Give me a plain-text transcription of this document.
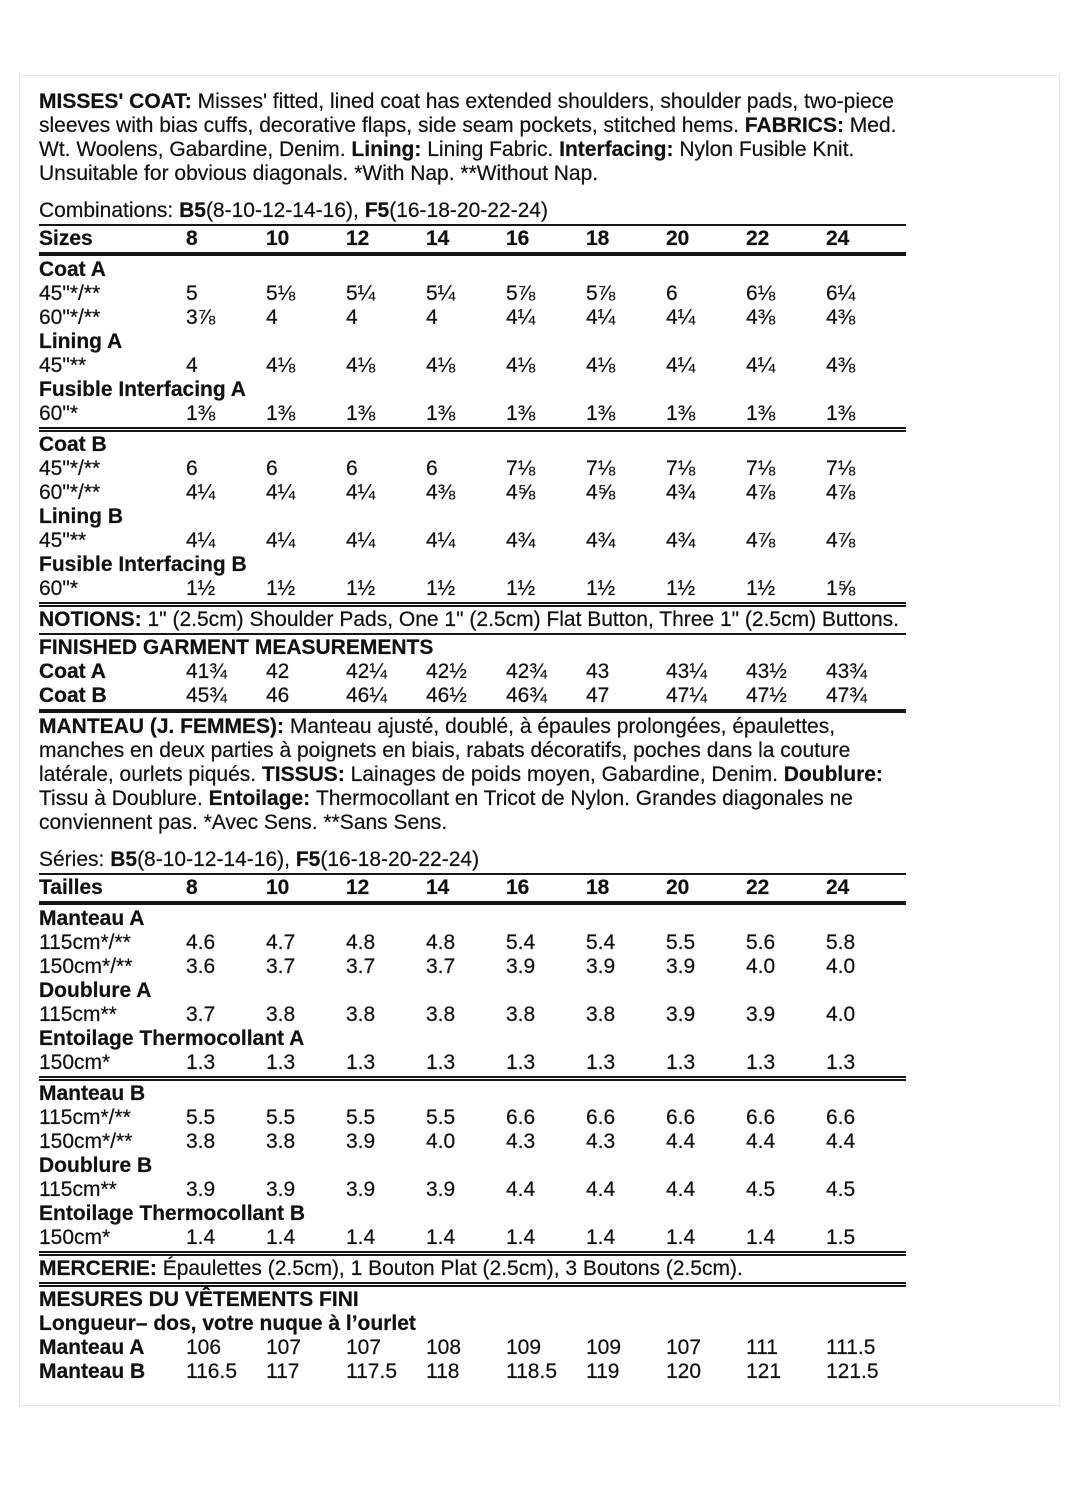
MISSES' COAT: Misses' fitted, lined coat has extended shoulders, shoulder pads, two-piece sleeves with bias cuffs, decorative flaps, side seam pockets, stitched hems. FABRICS: Med. Wt. Woolens, Gabardine, Denim. Lining: Lining Fabric. Interfacing: Nylon Fusible Knit. Unsuitable for obvious diagonals. *With Nap. **Without Nap.

Combinations: B5(8-10-12-14-16), F5(16-18-20-22-24)

Sizes	8	10	12	14	16	18	20	22	24
Coat A
45"*/**	5	5⅛	5¼	5¼	5⅞	5⅞	6	6⅛	6¼
60"*/**	3⅞	4	4	4	4¼	4¼	4¼	4⅜	4⅜
Lining A
45"**	4	4⅛	4⅛	4⅛	4⅛	4⅛	4¼	4¼	4⅜
Fusible Interfacing A
60"*	1⅜	1⅜	1⅜	1⅜	1⅜	1⅜	1⅜	1⅜	1⅜
Coat B
45"*/**	6	6	6	6	7⅛	7⅛	7⅛	7⅛	7⅛
60"*/**	4¼	4¼	4¼	4⅜	4⅝	4⅝	4¾	4⅞	4⅞
Lining B
45"**	4¼	4¼	4¼	4¼	4¾	4¾	4¾	4⅞	4⅞
Fusible Interfacing B
60"*	1½	1½	1½	1½	1½	1½	1½	1½	1⅝

NOTIONS: 1" (2.5cm) Shoulder Pads, One 1" (2.5cm) Flat Button, Three 1" (2.5cm) Buttons.

FINISHED GARMENT MEASUREMENTS
Coat A	41¾	42	42¼	42½	42¾	43	43¼	43½	43¾
Coat B	45¾	46	46¼	46½	46¾	47	47¼	47½	47¾

MANTEAU (J. FEMMES): Manteau ajusté, doublé, à épaules prolongées, épaulettes, manches en deux parties à poignets en biais, rabats décoratifs, poches dans la couture latérale, ourlets piqués. TISSUS: Lainages de poids moyen, Gabardine, Denim. Doublure: Tissu à Doublure. Entoilage: Thermocollant en Tricot de Nylon. Grandes diagonales ne conviennent pas. *Avec Sens. **Sans Sens.

Séries: B5(8-10-12-14-16), F5(16-18-20-22-24)

Tailles	8	10	12	14	16	18	20	22	24
Manteau A
115cm*/**	4.6	4.7	4.8	4.8	5.4	5.4	5.5	5.6	5.8
150cm*/**	3.6	3.7	3.7	3.7	3.9	3.9	3.9	4.0	4.0
Doublure A
115cm**	3.7	3.8	3.8	3.8	3.8	3.8	3.9	3.9	4.0
Entoilage Thermocollant A
150cm*	1.3	1.3	1.3	1.3	1.3	1.3	1.3	1.3	1.3
Manteau B
115cm*/**	5.5	5.5	5.5	5.5	6.6	6.6	6.6	6.6	6.6
150cm*/**	3.8	3.8	3.9	4.0	4.3	4.3	4.4	4.4	4.4
Doublure B
115cm**	3.9	3.9	3.9	3.9	4.4	4.4	4.4	4.5	4.5
Entoilage Thermocollant B
150cm*	1.4	1.4	1.4	1.4	1.4	1.4	1.4	1.4	1.5

MERCERIE: Épaulettes (2.5cm), 1 Bouton Plat (2.5cm), 3 Boutons (2.5cm).

MESURES DU VÊTEMENTS FINI
Longueur– dos, votre nuque à l’ourlet
Manteau A	106	107	107	108	109	109	107	111	111.5
Manteau B	116.5	117	117.5	118	118.5	119	120	121	121.5
